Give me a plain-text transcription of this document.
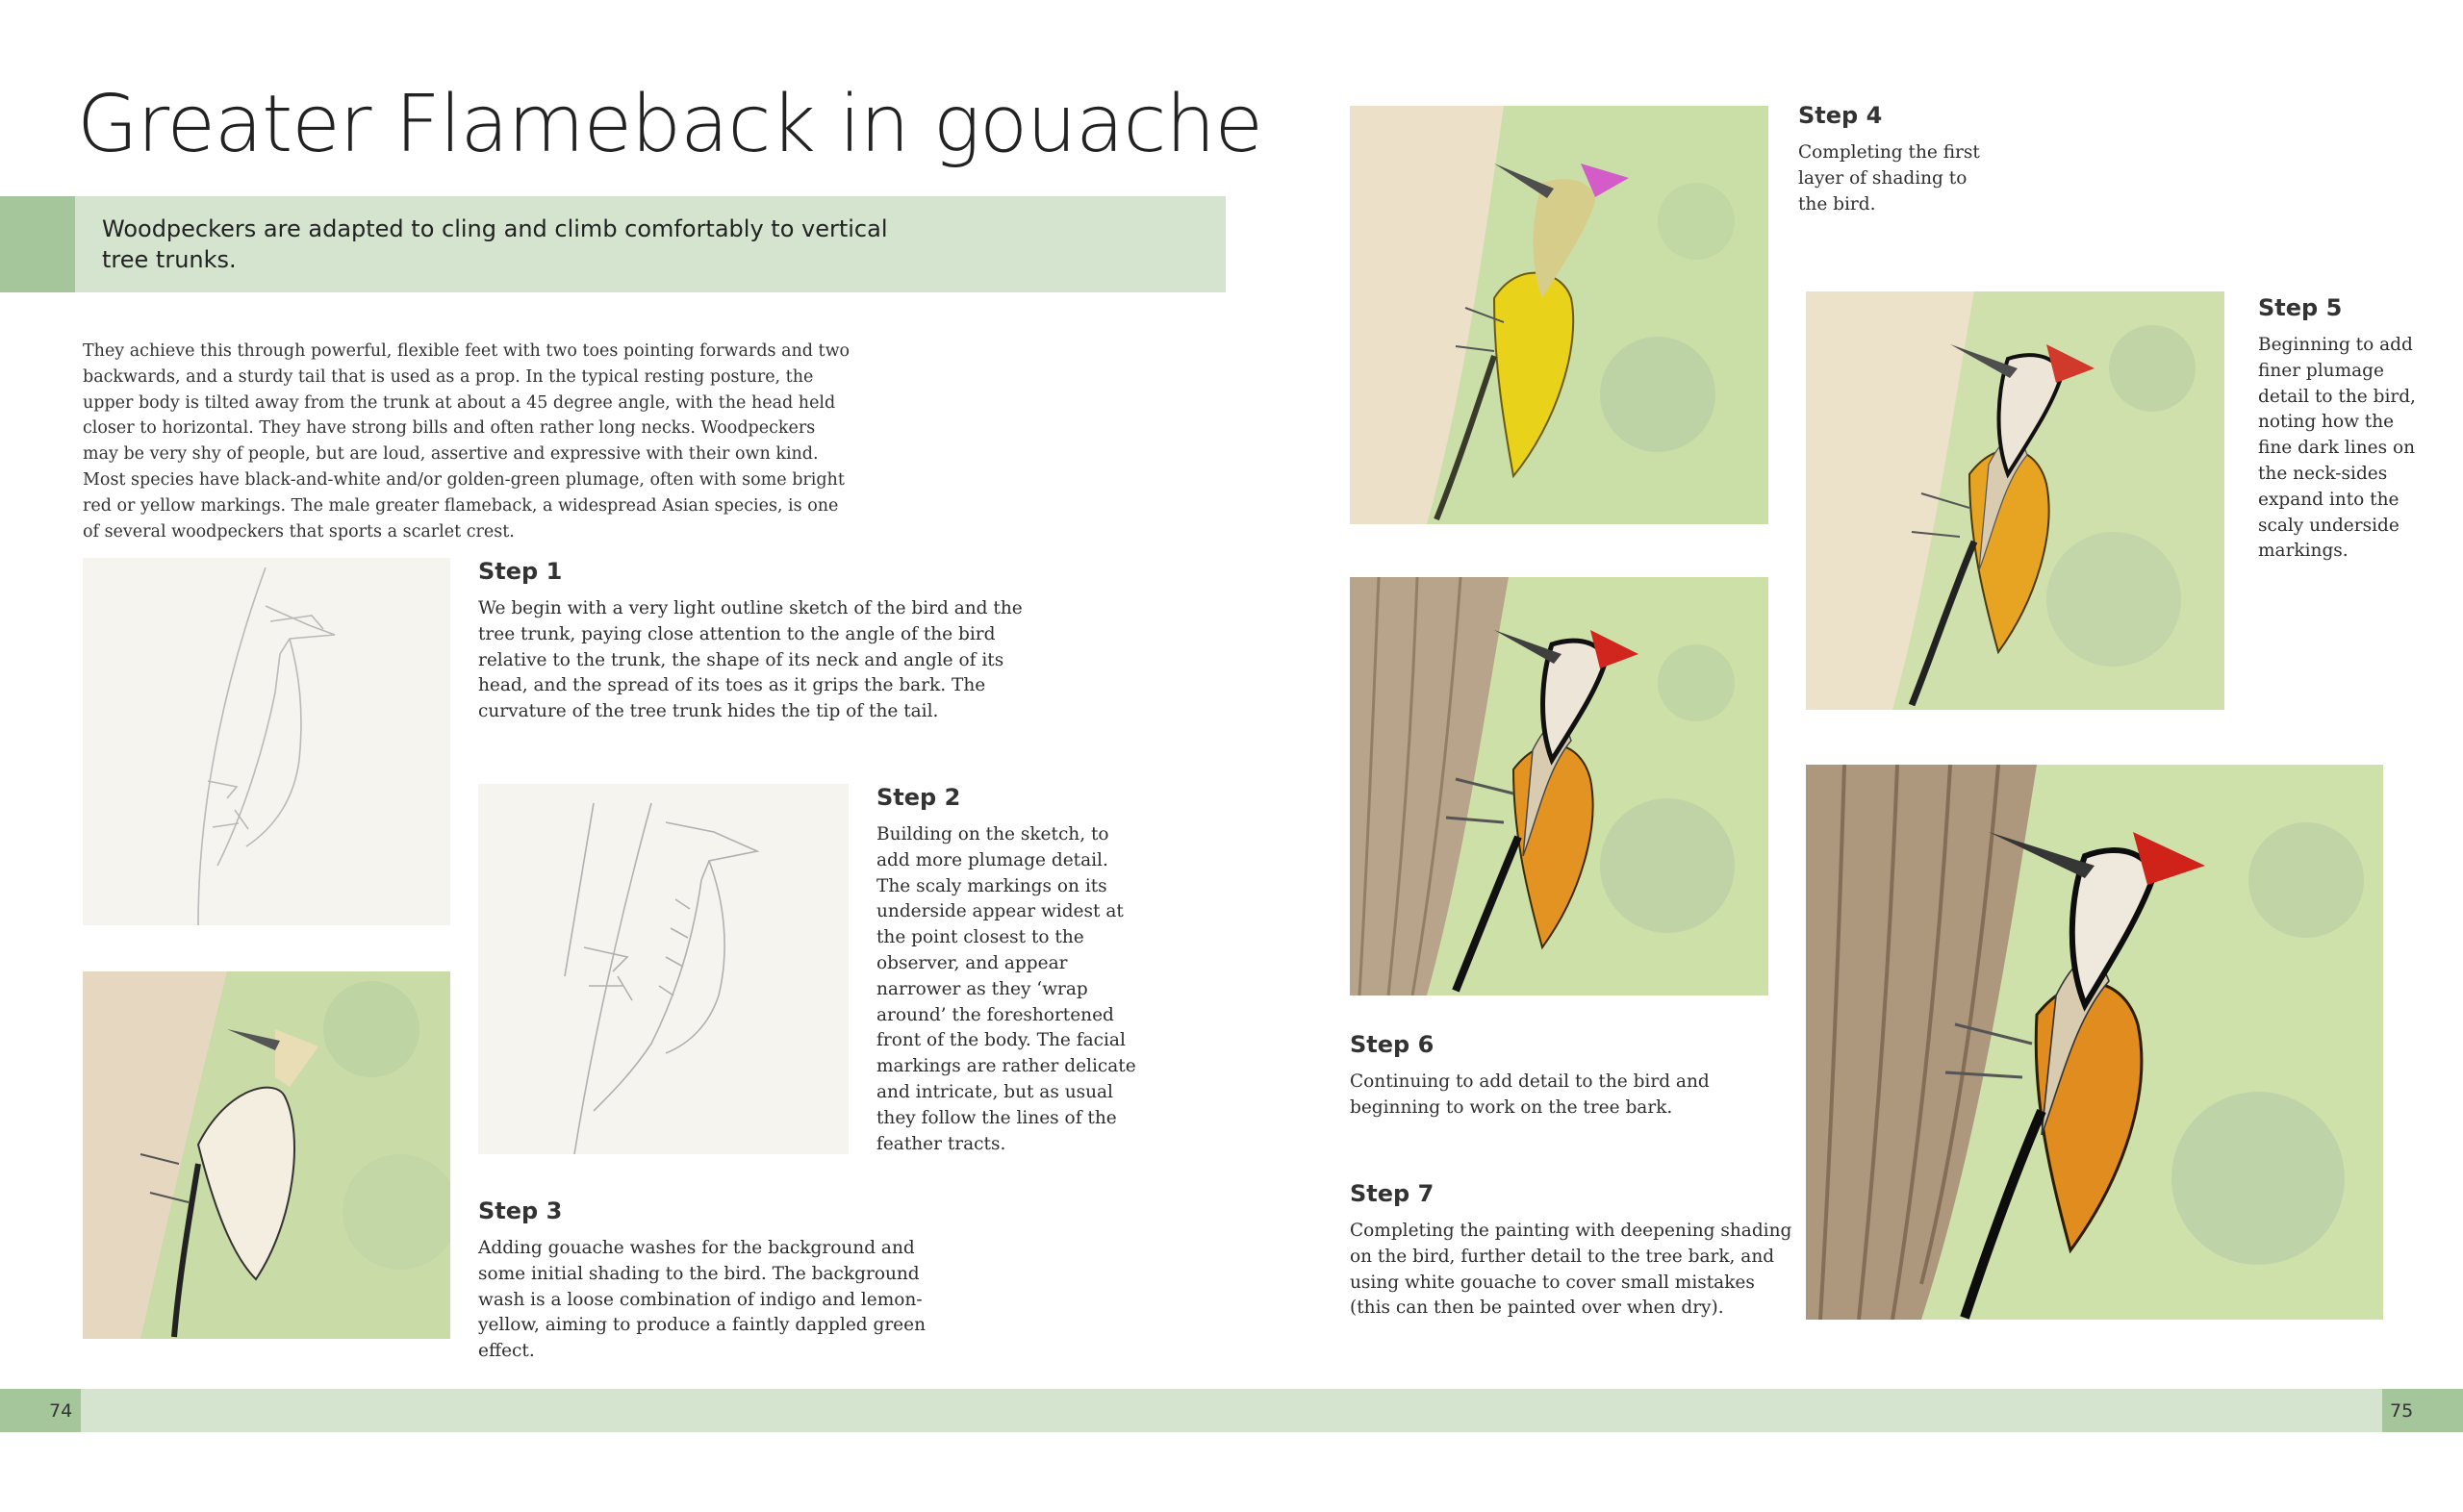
Greater Flameback in gouache
Woodpeckers are adapted to cling and climb comfortably to vertical tree trunks.
They achieve this through powerful, flexible feet with two toes pointing forwards and two backwards, and a sturdy tail that is used as a prop. In the typical resting posture, the upper body is tilted away from the trunk at about a 45 degree angle, with the head held closer to horizontal. They have strong bills and often rather long necks. Woodpeckers may be very shy of people, but are loud, assertive and expressive with their own kind. Most species have black-and-white and/or golden-green plumage, often with some bright red or yellow markings. The male greater flameback, a widespread Asian species, is one of several woodpeckers that sports a scarlet crest.
Step 1
We begin with a very light outline sketch of the bird and the tree trunk, paying close attention to the angle of the bird relative to the trunk, the shape of its neck and angle of its head, and the spread of its toes as it grips the bark. The curvature of the tree trunk hides the tip of the tail.
Step 2
Building on the sketch, to add more plumage detail. The scaly markings on its underside appear widest at the point closest to the observer, and appear narrower as they ‘wrap around’ the foreshortened front of the body. The facial markings are rather delicate and intricate, but as usual they follow the lines of the feather tracts.
Step 3
Adding gouache washes for the background and some initial shading to the bird. The background wash is a loose combination of indigo and lemon-yellow, aiming to produce a faintly dappled green effect.
Step 4
Completing the first layer of shading to the bird.
Step 5
Beginning to add finer plumage detail to the bird, noting how the fine dark lines on the neck-sides expand into the scaly underside markings.
Step 6
Continuing to add detail to the bird and beginning to work on the tree bark.
Step 7
Completing the painting with deepening shading on the bird, further detail to the tree bark, and using white gouache to cover small mistakes (this can then be painted over when dry).
74	75
